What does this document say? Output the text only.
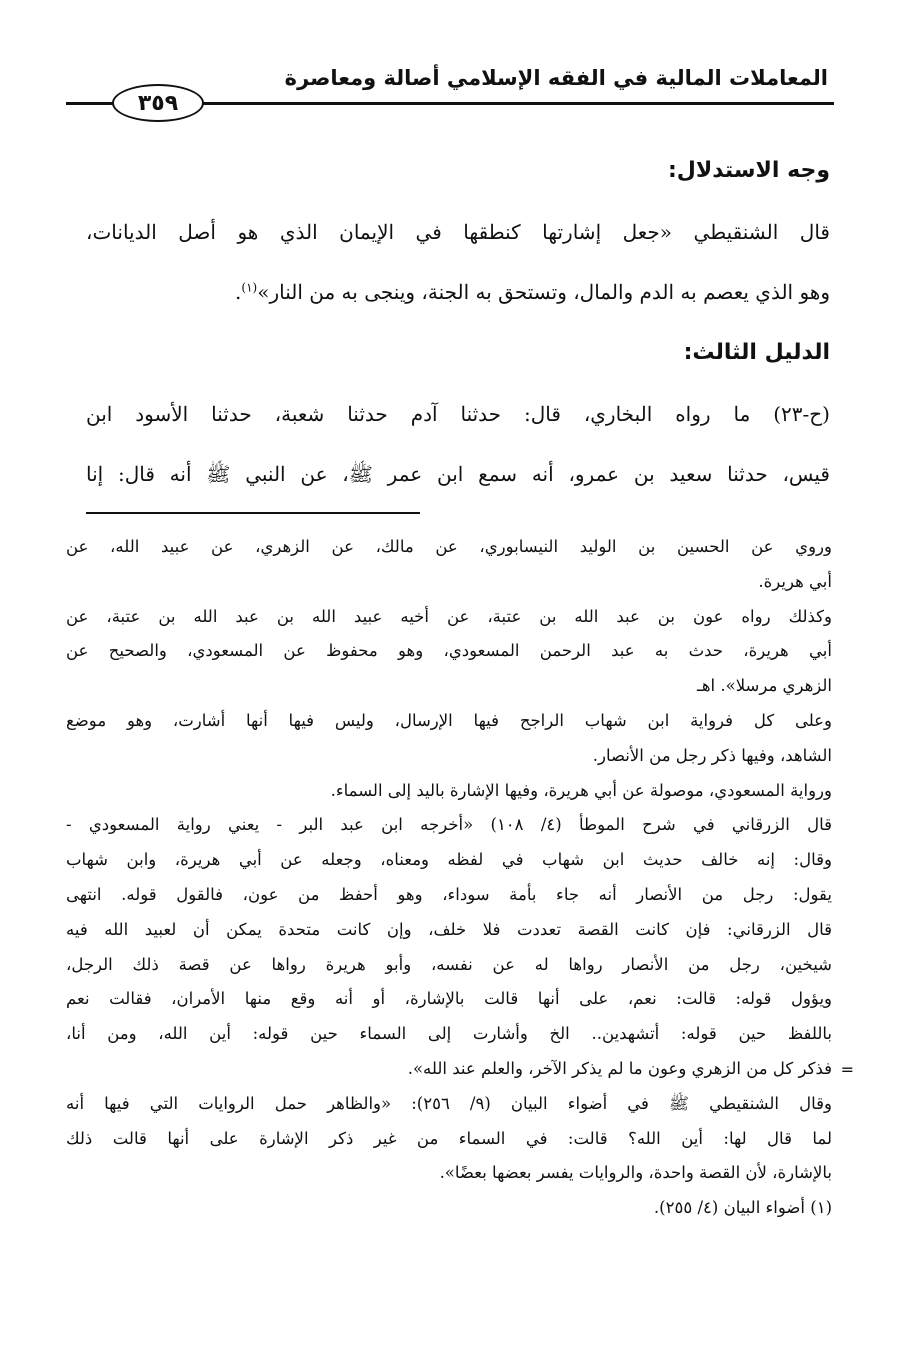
المعاملات المالية في الفقه الإسلامي أصالة ومعاصرة
٣٥٩

وجه الاستدلال:

قال الشنقيطي «جعل إشارتها كنطقها في الإيمان الذي هو أصل الديانات،
وهو الذي يعصم به الدم والمال، وتستحق به الجنة، وينجى به من النار»$^{(١)}$.

الدليل الثالث:

(ح-٢٣) ما رواه البخاري، قال: حدثنا آدم حدثنا شعبة، حدثنا الأسود ابن
قيس، حدثنا سعيد بن عمرو، أنه سمع ابن عمر ﷺ، عن النبي ﷺ أنه قال: إنا

=
وروي عن الحسين بن الوليد النيسابوري، عن مالك، عن الزهري، عن عبيد الله، عن
أبي هريرة.
وكذلك رواه عون بن عبد الله بن عتبة، عن أخيه عبيد الله بن عبد الله بن عتبة، عن
أبي هريرة، حدث به عبد الرحمن المسعودي، وهو محفوظ عن المسعودي، والصحيح عن
الزهري مرسلا». اهـ
وعلى كل فرواية ابن شهاب الراجح فيها الإرسال، وليس فيها أنها أشارت، وهو موضع
الشاهد، وفيها ذكر رجل من الأنصار.
ورواية المسعودي، موصولة عن أبي هريرة، وفيها الإشارة باليد إلى السماء.
قال الزرقاني في شرح الموطأ (٤/ ١٠٨) «أخرجه ابن عبد البر - يعني رواية المسعودي -
وقال: إنه خالف حديث ابن شهاب في لفظه ومعناه، وجعله عن أبي هريرة، وابن شهاب
يقول: رجل من الأنصار أنه جاء بأمة سوداء، وهو أحفظ من عون، فالقول قوله. انتهى
قال الزرقاني: فإن كانت القصة تعددت فلا خلف، وإن كانت متحدة يمكن أن لعبيد الله فيه
شيخين، رجل من الأنصار رواها له عن نفسه، وأبو هريرة رواها عن قصة ذلك الرجل،
ويؤول قوله: قالت: نعم، على أنها قالت بالإشارة، أو أنه وقع منها الأمران، فقالت نعم
باللفظ حين قوله: أتشهدين.. الخ وأشارت إلى السماء حين قوله: أين الله، ومن أنا،
فذكر كل من الزهري وعون ما لم يذكر الآخر، والعلم عند الله».
وقال الشنقيطي ﷺ في أضواء البيان (٩/ ٢٥٦): «والظاهر حمل الروايات التي فيها أنه
لما قال لها: أين الله؟ قالت: في السماء من غير ذكر الإشارة على أنها قالت ذلك
بالإشارة، لأن القصة واحدة، والروايات يفسر بعضها بعضًا».
(١) أضواء البيان (٤/ ٢٥٥).
